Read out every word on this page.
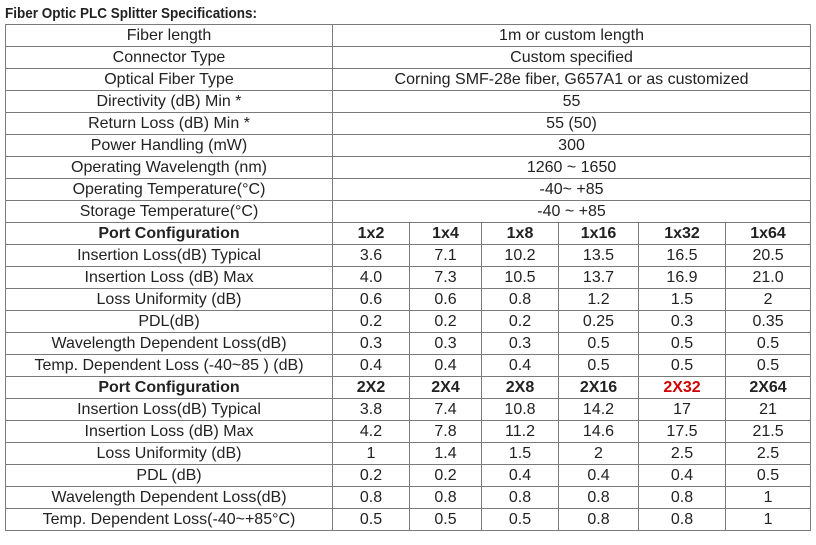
Fiber Optic PLC Splitter Specifications:
Fiber length	1m or custom length					
Connector Type	Custom specified					
Optical Fiber Type	Corning SMF-28e fiber, G657A1 or as customized					
Directivity (dB) Min *	55					
Return Loss (dB) Min *	55 (50)					
Power Handling (mW)	300					
Operating Wavelength (nm)	1260 ~ 1650					
Operating Temperature(°C)	-40~ +85					
Storage Temperature(°C)	-40 ~ +85					
Port Configuration	1x2	1x4	1x8	1x16	1x32	1x64
Insertion Loss(dB) Typical	3.6	7.1	10.2	13.5	16.5	20.5
Insertion Loss (dB) Max	4.0	7.3	10.5	13.7	16.9	21.0
Loss Uniformity (dB)	0.6	0.6	0.8	1.2	1.5	2
PDL(dB)	0.2	0.2	0.2	0.25	0.3	0.35
Wavelength Dependent Loss(dB)	0.3	0.3	0.3	0.5	0.5	0.5
Temp. Dependent Loss (-40~85 ) (dB)	0.4	0.4	0.4	0.5	0.5	0.5
Port Configuration	2X2	2X4	2X8	2X16	2X32	2X64
Insertion Loss(dB) Typical	3.8	7.4	10.8	14.2	17	21
Insertion Loss (dB) Max	4.2	7.8	11.2	14.6	17.5	21.5
Loss Uniformity (dB)	1	1.4	1.5	2	2.5	2.5
PDL (dB)	0.2	0.2	0.4	0.4	0.4	0.5
Wavelength Dependent Loss(dB)	0.8	0.8	0.8	0.8	0.8	1
Temp. Dependent Loss(-40~+85°C)	0.5	0.5	0.5	0.8	0.8	1
